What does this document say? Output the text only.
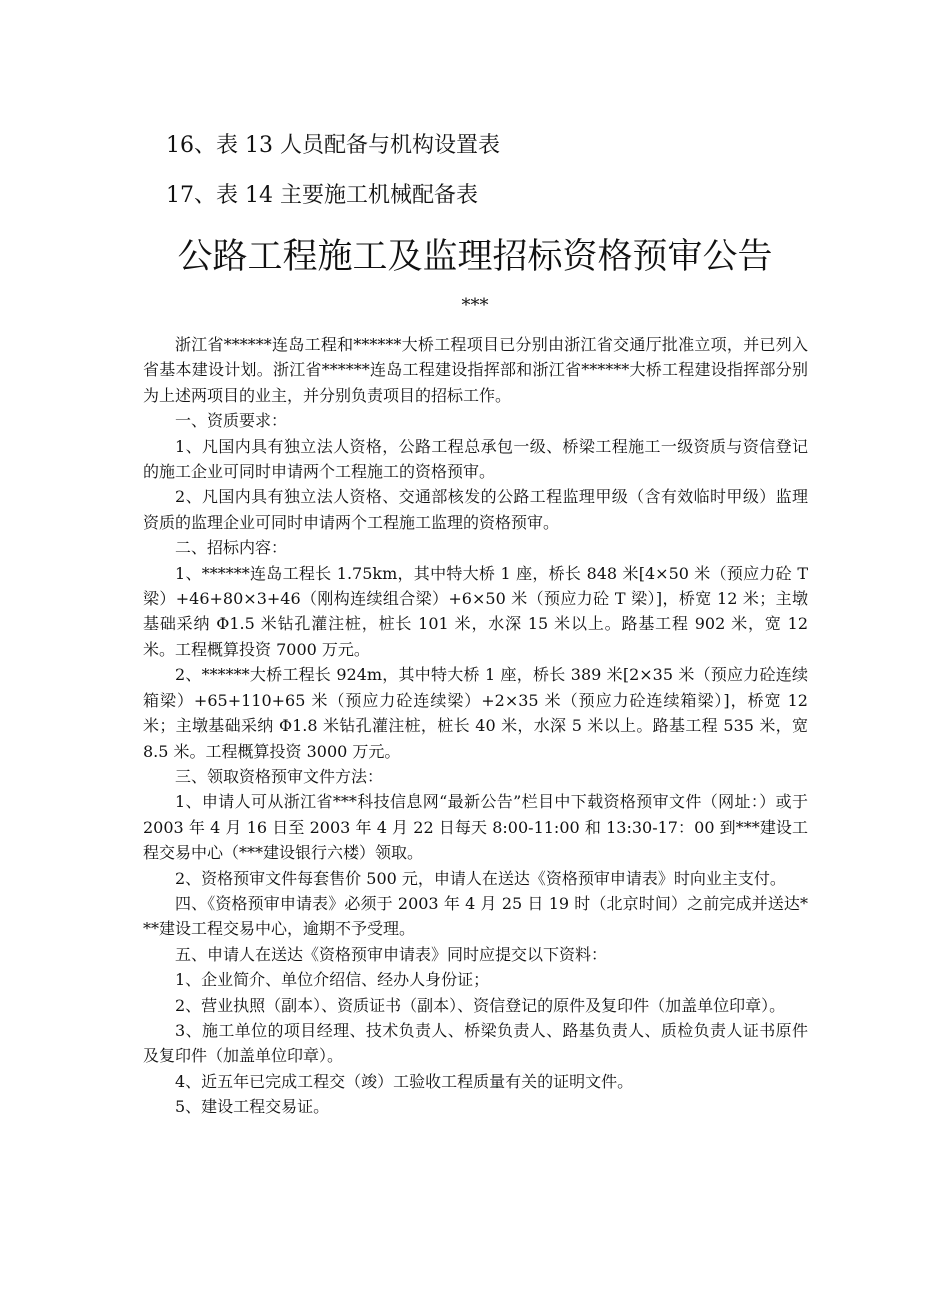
16、表 13 人员配备与机构设置表
17、表 14 主要施工机械配备表
公路工程施工及监理招标资格预审公告
***

浙江省******连岛工程和******大桥工程项目已分别由浙江省交通厅批准立项，并已列入省基本建设计划。浙江省******连岛工程建设指挥部和浙江省******大桥工程建设指挥部分别为上述两项目的业主，并分别负责项目的招标工作。

一、资质要求：

1、凡国内具有独立法人资格，公路工程总承包一级、桥梁工程施工一级资质与资信登记的施工企业可同时申请两个工程施工的资格预审。

2、凡国内具有独立法人资格、交通部核发的公路工程监理甲级（含有效临时甲级）监理资质的监理企业可同时申请两个工程施工监理的资格预审。

二、招标内容：

1、******连岛工程长 1.75km，其中特大桥 1 座，桥长 848 米[4×50 米（预应力砼 T 梁）+46+80×3+46（刚构连续组合梁）+6×50 米（预应力砼 T 梁）]，桥宽 12 米；主墩基础采纳 Φ1.5 米钻孔灌注桩，桩长 101 米，水深 15 米以上。路基工程 902 米，宽 12 米。工程概算投资 7000 万元。

2、******大桥工程长 924m，其中特大桥 1 座，桥长 389 米[2×35 米（预应力砼连续箱梁）+65+110+65 米（预应力砼连续梁）+2×35 米（预应力砼连续箱梁）]，桥宽 12 米；主墩基础采纳 Φ1.8 米钻孔灌注桩，桩长 40 米，水深 5 米以上。路基工程 535 米，宽 8.5 米。工程概算投资 3000 万元。

三、领取资格预审文件方法：

1、申请人可从浙江省***科技信息网“最新公告”栏目中下载资格预审文件（网址：）或于 2003 年 4 月 16 日至 2003 年 4 月 22 日每天 8:00-11:00 和 13:30-17：00 到***建设工程交易中心（***建设银行六楼）领取。

2、资格预审文件每套售价 500 元，申请人在送达《资格预审申请表》时向业主支付。

四、《资格预审申请表》必须于 2003 年 4 月 25 日 19 时（北京时间）之前完成并送达***建设工程交易中心，逾期不予受理。

五、申请人在送达《资格预审申请表》同时应提交以下资料：

1、企业简介、单位介绍信、经办人身份证；

2、营业执照（副本）、资质证书（副本）、资信登记的原件及复印件（加盖单位印章）。

3、施工单位的项目经理、技术负责人、桥梁负责人、路基负责人、质检负责人证书原件及复印件（加盖单位印章）。

4、近五年已完成工程交（竣）工验收工程质量有关的证明文件。

5、建设工程交易证。
